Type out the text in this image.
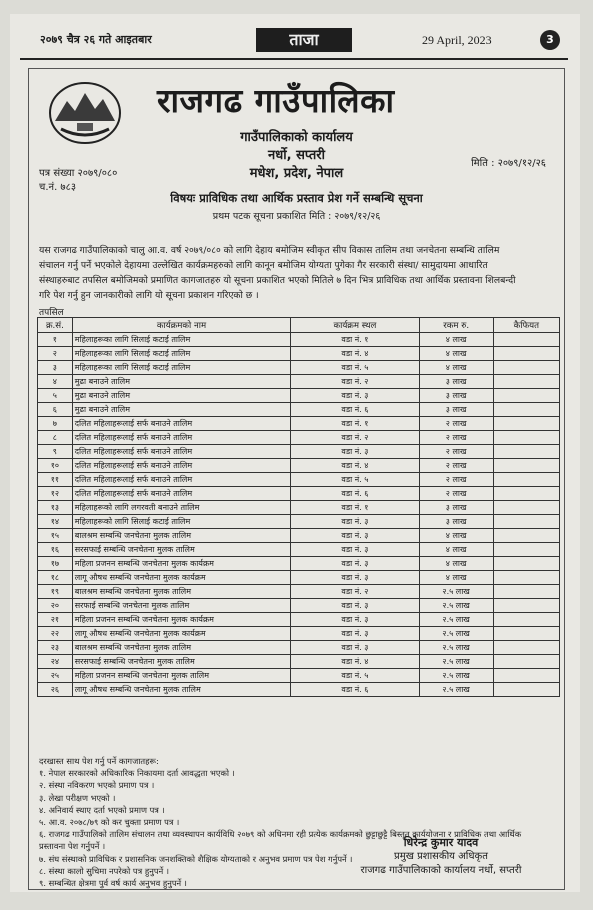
२०७९ चैत्र २६ गते आइतबार	ताजा	29 April, 2023	3
राजगढ गाउँपालिका
गाउँपालिकाको कार्यालय
नर्धो, सप्तरी
मधेश, प्रदेश, नेपाल
पत्र संख्या २०७९/०८०
च.नं. ७८३
मिति : २०७९/१२/२६
विषयः प्राविधिक तथा आर्थिक प्रस्ताव प्रेश गर्ने सम्बन्धि सूचना
प्रथम पटक सूचना प्रकाशित मिति : २०७९/१२/२६
यस राजगढ गाउँपालिकाको चालु आ.व. वर्ष २०७९/०८० को लागि देहाय बमोजिम स्वीकृत सीप विकास तालिम तथा जनचेतना सम्बन्धि तालिम
संचालन गर्नु पर्ने भएकोले देहायमा उल्लेखित कार्यक्रमहरुको लागि कानून बमोजिम योग्यता पुगेका गैर सरकारी संस्था/ सामुदायमा आधारित
संस्थाहरुबाट तपसिल बमोजिमको प्रमाणित कागजातहरु यो सूचना प्रकाशित भएको मितिले ७ दिन भित्र प्राविधिक तथा आर्थिक प्रस्तावना शिलबन्दी
गरि पेश गर्नु हुन जानकारीको लागि यो सूचना प्रकाशन गरिएको छ ।
तपसिल
क्र.सं.	कार्यक्रमको नाम	कार्यक्रम स्थल	रकम रु.	कैफियत
१	महिलाहरूका लागि सिलाई कटाई तालिम	वडा नं. १	४ लाख	
२	महिलाहरूका लागि सिलाई कटाई तालिम	वडा नं. ४	४ लाख	
३	महिलाहरूका लागि सिलाई कटाई तालिम	वडा नं. ५	४ लाख	
४	मुढा बनाउने तालिम	वडा नं. २	३ लाख	
५	मुढा बनाउने तालिम	वडा नं. ३	३ लाख	
६	मुढा बनाउने तालिम	वडा नं. ६	३ लाख	
७	दलित महिलाहरूलाई सर्फ बनाउने तालिम	वडा नं. १	२ लाख	
८	दलित महिलाहरूलाई सर्फ बनाउने तालिम	वडा नं. २	२ लाख	
९	दलित महिलाहरूलाई सर्फ बनाउने तालिम	वडा नं. ३	२ लाख	
१०	दलित महिलाहरूलाई सर्फ बनाउने तालिम	वडा नं. ४	२ लाख	
११	दलित महिलाहरूलाई सर्फ बनाउने तालिम	वडा नं. ५	२ लाख	
१२	दलित महिलाहरूलाई सर्फ बनाउने तालिम	वडा नं. ६	२ लाख	
१३	महिलाहरूको लागि लगरवती बनाउने तालिम	वडा नं. १	३ लाख	
१४	महिलाहरूको लागि सिलाई कटाई तालिम	वडा नं. ३	३ लाख	
१५	बालश्रम सम्बन्धि जनचेतना मुलक तालिम	वडा नं. ३	४ लाख	
१६	सरसफाई सम्बन्धि जनचेतना मुलक तालिम	वडा नं. ३	४ लाख	
१७	महिला प्रजनन सम्बन्धि जनचेतना मुलक कार्यक्रम	वडा नं. ३	४ लाख	
१८	लागू औषध सम्बन्धि जनचेतना मुलक कार्यक्रम	वडा नं. ३	४ लाख	
१९	बालश्रम सम्बन्धि जनचेतना मुलक तालिम	वडा नं. २	२.५ लाख	
२०	सरफाई सम्बन्धि जनचेतना मुलक तालिम	वडा नं. ३	२.५ लाख	
२१	महिला प्रजनन सम्बन्धि जनचेतना मुलक कार्यक्रम	वडा नं. ३	२.५ लाख	
२२	लागू औषध सम्बन्धि जनचेतना मुलक कार्यक्रम	वडा नं. ३	२.५ लाख	
२३	बालश्रम सम्बन्धि जनचेतना मुलक तालिम	वडा नं. ३	२.५ लाख	
२४	सरसफाई सम्बन्धि जनचेतना मुलक तालिम	वडा नं. ४	२.५ लाख	
२५	महिला प्रजनन सम्बन्धि जनचेतना मुलक तालिम	वडा नं. ५	२.५ लाख	
२६	लागू औषध सम्बन्धि जनचेतना मुलक तालिम	वडा नं. ६	२.५ लाख	
दरखास्त साथ पेश गर्नु पर्ने कागजातहरू:
१. नेपाल सरकारको अधिकारिक निकायमा दर्ता आवद्धता भएको ।
२. संस्था नविकरण भएको प्रमाण पत्र ।
३. लेखा परीक्षण भएको ।
४. अनिवार्य स्थाए दर्ता भएको प्रमाण पत्र ।
५. आ.व. २०७८/७९ को कर चुक्ता प्रमाण पत्र ।
६. राजगढ गाउँपालिको तालिम संचालन तथा व्यवस्थापन कार्यविधि २०७९ को अधिनमा रही प्रत्येक कार्यक्रमको छुट्टाछुट्टै बिस्तृत कार्ययोजना र प्राविधिक तथा आर्थिक
प्रस्तावना पेश गर्नुपर्ने ।
७. संघ संस्थाको प्राविधिक र प्रशासनिक जनशक्तिको शैक्षिक योग्यताको र अनुभव प्रमाण पत्र पेश गर्नुपर्ने ।
८. संस्था कालो सुचिमा नपरेको पत्र हुनुपर्ने ।
९. सम्बन्धित क्षेत्रमा पुर्व वर्ष कार्य अनुभव हुनुपर्ने ।
धिरेन्द्र कुमार यादव
प्रमुख प्रशासकीय अधिकृत
राजगढ गाउँपालिकाको कार्यालय नर्धो, सप्तरी
